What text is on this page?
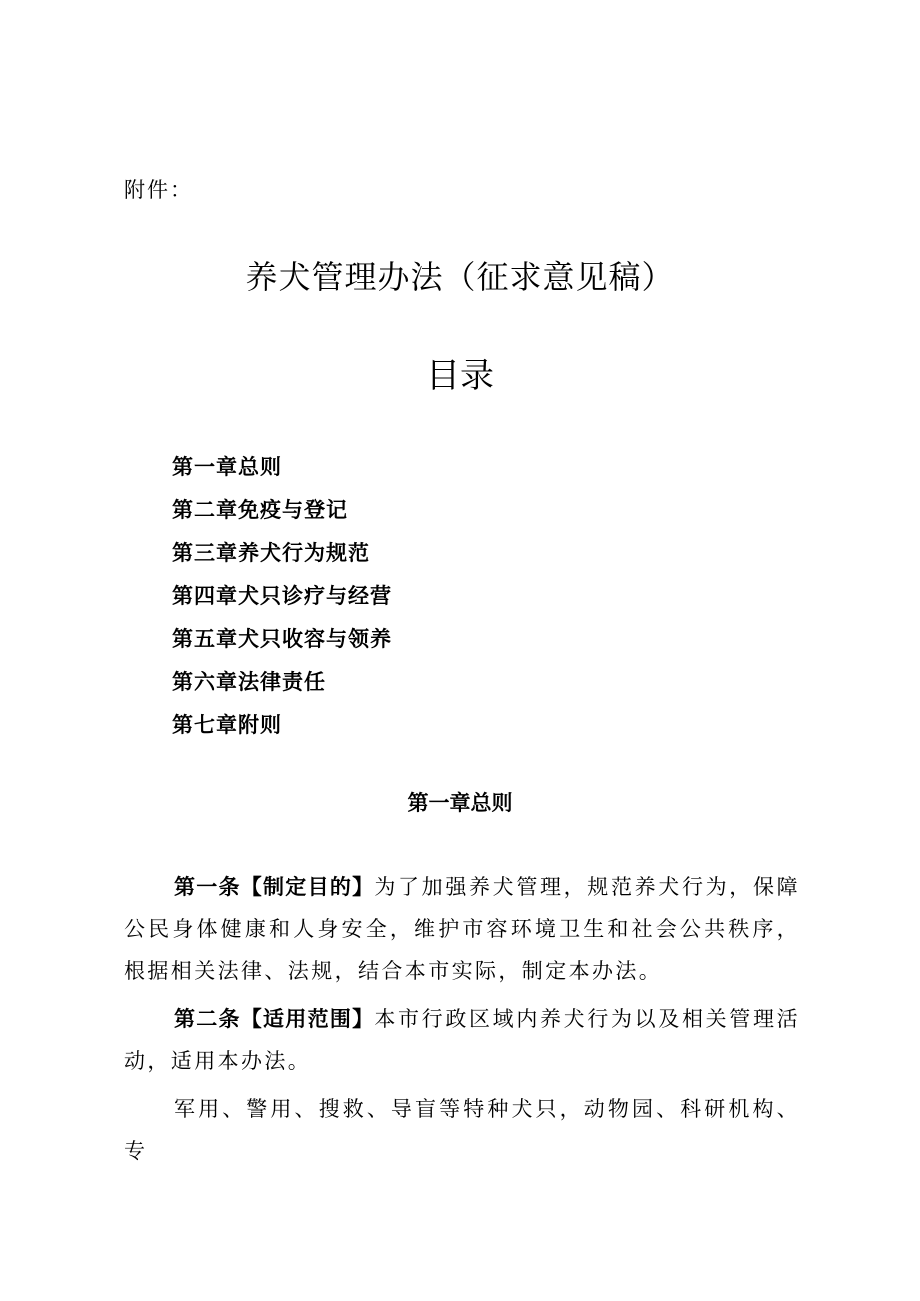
附件：
养犬管理办法（征求意见稿）
目录
第一章总则
第二章免疫与登记
第三章养犬行为规范
第四章犬只诊疗与经营
第五章犬只收容与领养
第六章法律责任
第七章附则
第一章总则

第一条【制定目的】为了加强养犬管理，规范养犬行为，保障公民身体健康和人身安全，维护市容环境卫生和社会公共秩序，根据相关法律、法规，结合本市实际，制定本办法。

第二条【适用范围】本市行政区域内养犬行为以及相关管理活动，适用本办法。

军用、警用、搜救、导盲等特种犬只，动物园、科研机构、专
